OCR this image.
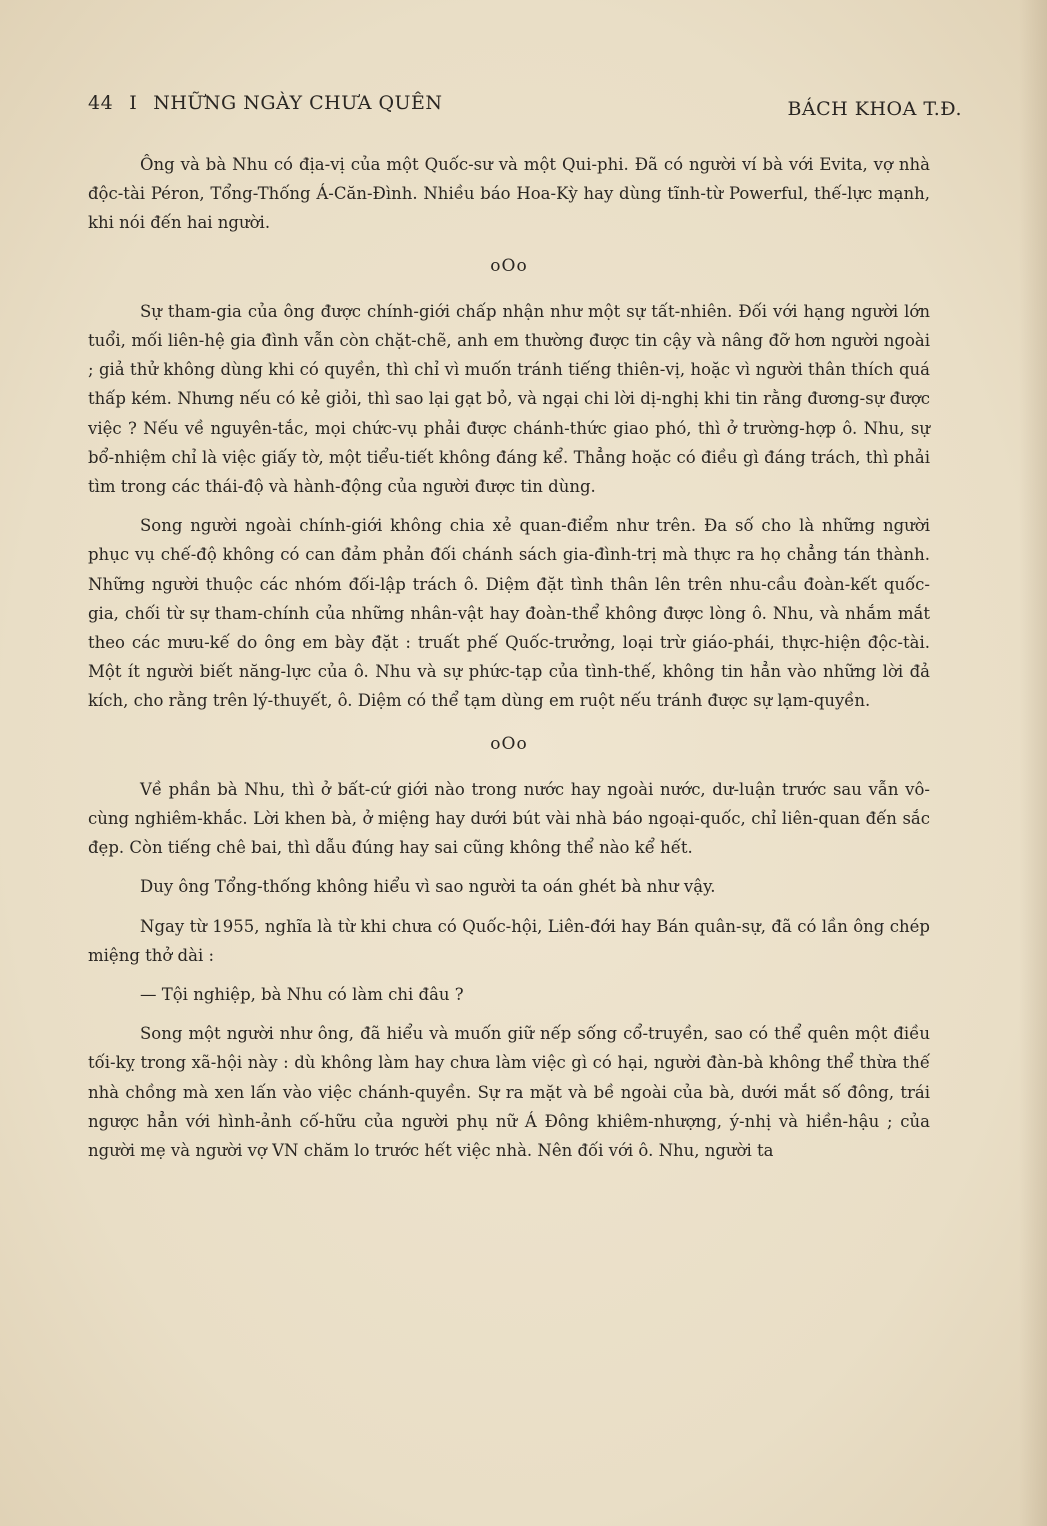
44 I NHỮNG NGÀY CHƯA QUÊN	BÁCH KHOA T.Đ.

Ông và bà Nhu có địa-vị của một Quốc-sư và một Qui-phi. Đã có người ví bà với Evita, vợ nhà độc-tài Péron, Tổng-Thống Á-Căn-Đình. Nhiều báo Hoa-Kỳ hay dùng tĩnh-từ Powerful, thế-lực mạnh, khi nói đến hai người.

oOo

Sự tham-gia của ông được chính-giới chấp nhận như một sự tất-nhiên. Đối với hạng người lớn tuổi, mối liên-hệ gia đình vẫn còn chặt-chẽ, anh em thường được tin cậy và nâng đỡ hơn người ngoài ; giả thử không dùng khi có quyền, thì chỉ vì muốn tránh tiếng thiên-vị, hoặc vì người thân thích quá thấp kém. Nhưng nếu có kẻ giỏi, thì sao lại gạt bỏ, và ngại chi lời dị-nghị khi tin rằng đương-sự được việc ? Nếu về nguyên-tắc, mọi chức-vụ phải được chánh-thức giao phó, thì ở trường-hợp ô. Nhu, sự bổ-nhiệm chỉ là việc giấy tờ, một tiểu-tiết không đáng kể. Thẳng hoặc có điều gì đáng trách, thì phải tìm trong các thái-độ và hành-động của người được tin dùng.

Song người ngoài chính-giới không chia xẻ quan-điểm như trên. Đa số cho là những người phục vụ chế-độ không có can đảm phản đối chánh sách gia-đình-trị mà thực ra họ chẳng tán thành. Những người thuộc các nhóm đối-lập trách ô. Diệm đặt tình thân lên trên nhu-cầu đoàn-kết quốc-gia, chối từ sự tham-chính của những nhân-vật hay đoàn-thể không được lòng ô. Nhu, và nhắm mắt theo các mưu-kế do ông em bày đặt : truất phế Quốc-trưởng, loại trừ giáo-phái, thực-hiện độc-tài. Một ít người biết năng-lực của ô. Nhu và sự phức-tạp của tình-thế, không tin hẳn vào những lời đả kích, cho rằng trên lý-thuyết, ô. Diệm có thể tạm dùng em ruột nếu tránh được sự lạm-quyền.

oOo

Về phần bà Nhu, thì ở bất-cứ giới nào trong nước hay ngoài nước, dư-luận trước sau vẫn vô-cùng nghiêm-khắc. Lời khen bà, ở miệng hay dưới bút vài nhà báo ngoại-quốc, chỉ liên-quan đến sắc đẹp. Còn tiếng chê bai, thì dẫu đúng hay sai cũng không thể nào kể hết.

Duy ông Tổng-thống không hiểu vì sao người ta oán ghét bà như vậy.

Ngay từ 1955, nghĩa là từ khi chưa có Quốc-hội, Liên-đới hay Bán quân-sự, đã có lần ông chép miệng thở dài :

— Tội nghiệp, bà Nhu có làm chi đâu ?

Song một người như ông, đã hiểu và muốn giữ nếp sống cổ-truyền, sao có thể quên một điều tối-kỵ trong xã-hội này : dù không làm hay chưa làm việc gì có hại, người đàn-bà không thể thừa thế nhà chồng mà xen lấn vào việc chánh-quyền. Sự ra mặt và bề ngoài của bà, dưới mắt số đông, trái ngược hẳn với hình-ảnh cố-hữu của người phụ nữ Á Đông khiêm-nhượng, ý-nhị và hiền-hậu ; của người mẹ và người vợ VN chăm lo trước hết việc nhà. Nên đối với ô. Nhu, người ta
